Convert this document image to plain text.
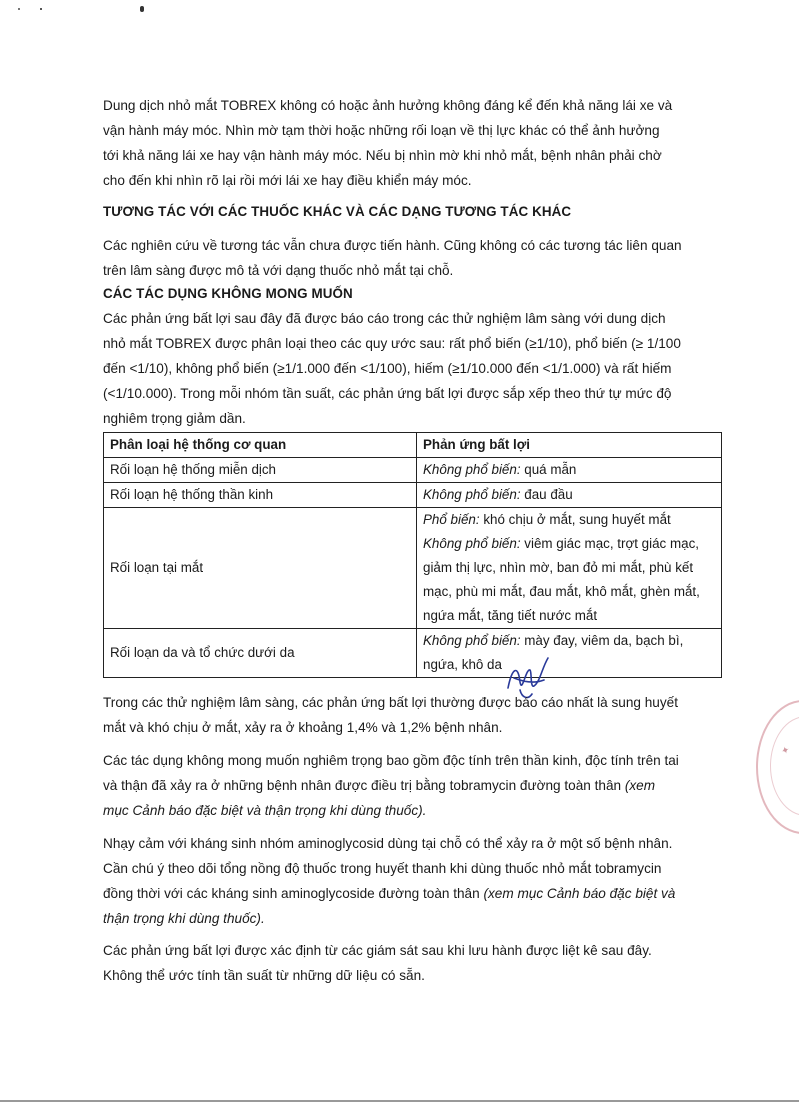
Dung dịch nhỏ mắt TOBREX không có hoặc ảnh hưởng không đáng kể đến khả năng lái xe và
vận hành máy móc. Nhìn mờ tạm thời hoặc những rối loạn về thị lực khác có thể ảnh hưởng
tới khả năng lái xe hay vận hành máy móc. Nếu bị nhìn mờ khi nhỏ mắt, bệnh nhân phải chờ
cho đến khi nhìn rõ lại rồi mới lái xe hay điều khiển máy móc.

TƯƠNG TÁC VỚI CÁC THUỐC KHÁC VÀ CÁC DẠNG TƯƠNG TÁC KHÁC

Các nghiên cứu về tương tác vẫn chưa được tiến hành. Cũng không có các tương tác liên quan
trên lâm sàng được mô tả với dạng thuốc nhỏ mắt tại chỗ.

CÁC TÁC DỤNG KHÔNG MONG MUỐN

Các phản ứng bất lợi sau đây đã được báo cáo trong các thử nghiệm lâm sàng với dung dịch
nhỏ mắt TOBREX được phân loại theo các quy ước sau: rất phổ biến (≥1/10), phổ biến (≥ 1/100
đến <1/10), không phổ biến (≥1/1.000 đến <1/100), hiếm (≥1/10.000 đến <1/1.000) và rất hiếm
(<1/10.000). Trong mỗi nhóm tần suất, các phản ứng bất lợi được sắp xếp theo thứ tự mức độ
nghiêm trọng giảm dần.

Phân loại hệ thống cơ quan	Phản ứng bất lợi
Rối loạn hệ thống miễn dịch	Không phổ biến: quá mẫn
Rối loạn hệ thống thần kinh	Không phổ biến: đau đầu
Rối loạn tại mắt	Phổ biến: khó chịu ở mắt, sung huyết mắt
Không phổ biến: viêm giác mạc, trợt giác mạc, giảm thị lực, nhìn mờ, ban đỏ mi mắt, phù kết mạc, phù mi mắt, đau mắt, khô mắt, ghèn mắt, ngứa mắt, tăng tiết nước mắt

Rối loạn da và tổ chức dưới da	Không phổ biến: mày đay, viêm da, bạch bì, ngứa, khô da

Trong các thử nghiệm lâm sàng, các phản ứng bất lợi thường được báo cáo nhất là sung huyết
mắt và khó chịu ở mắt, xảy ra ở khoảng 1,4% và 1,2% bệnh nhân.

Các tác dụng không mong muốn nghiêm trọng bao gồm độc tính trên thần kinh, độc tính trên tai
và thận đã xảy ra ở những bệnh nhân được điều trị bằng tobramycin đường toàn thân (xem
mục Cảnh báo đặc biệt và thận trọng khi dùng thuốc).

Nhạy cảm với kháng sinh nhóm aminoglycosid dùng tại chỗ có thể xảy ra ở một số bệnh nhân.
Cần chú ý theo dõi tổng nồng độ thuốc trong huyết thanh khi dùng thuốc nhỏ mắt tobramycin
đồng thời với các kháng sinh aminoglycoside đường toàn thân (xem mục Cảnh báo đặc biệt và
thận trọng khi dùng thuốc).

Các phản ứng bất lợi được xác định từ các giám sát sau khi lưu hành được liệt kê sau đây.
Không thể ước tính tần suất từ những dữ liệu có sẵn.

✦
